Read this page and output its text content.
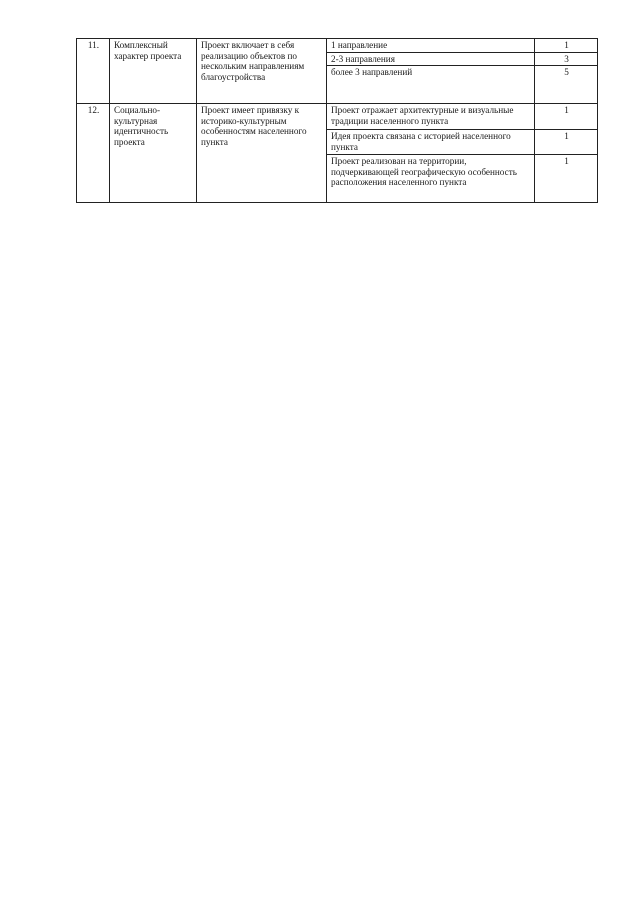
11.	Комплексный характер проекта	Проект включает в себя реализацию объектов по нескольким направлениям благоустройства	1 направление	1
			2-3 направления	3
			более 3 направлений	5
12.	Социально-
культурная
идентичность
проекта	Проект имеет привязку к историко-культурным особенностям населенного пункта	Проект отражает архитектурные и визуальные традиции населенного пункта	1
			Идея проекта связана с историей населенного пункта	1
			Проект реализован на территории, подчеркивающей географическую особенность расположения населенного пункта	1
